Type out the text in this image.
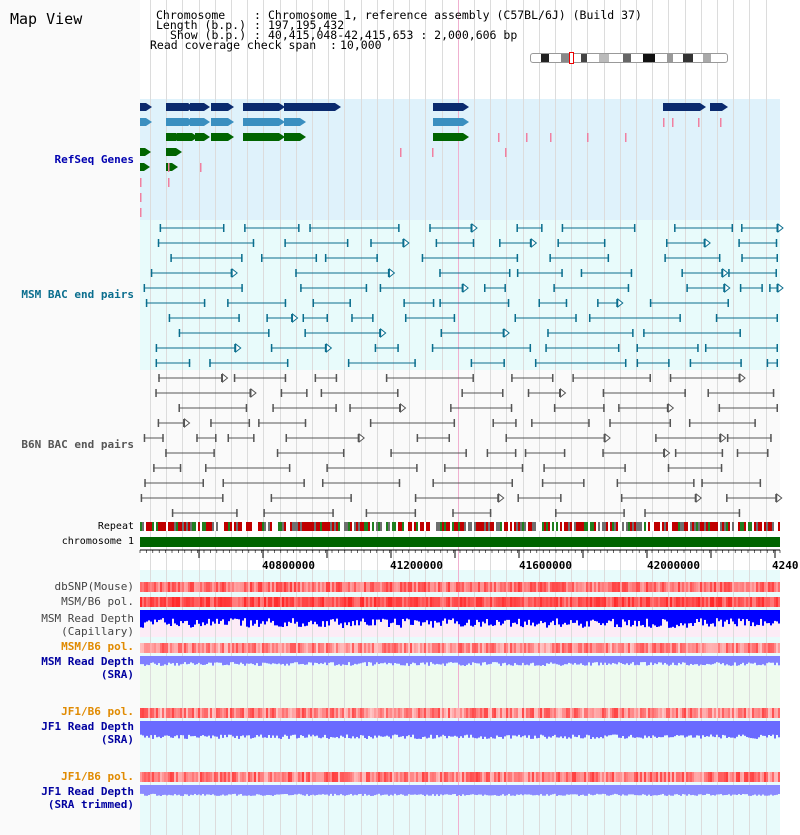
Map View	Chromosome	: Chromosome 1, reference assembly (C57BL/6J) (Build 37)
Length (b.p.) : 197,195,432
Show (b.p.) : 40,415,048-42,415,653 : 2,000,606 bp
Read coverage check span : 10,000
RefSeq Genes
MSM BAC end pairs
B6N BAC end pairs
Repeat
chromosome 1
dbSNP(Mouse)
MSM/B6 pol.
MSM Read Depth
(Capillary)
MSM/B6 pol.
MSM Read Depth
(SRA)
JF1/B6 pol.
JF1 Read Depth
(SRA)
JF1/B6 pol.
JF1 Read Depth
(SRA trimmed)
40800000	41200000	41600000	42000000	4240
